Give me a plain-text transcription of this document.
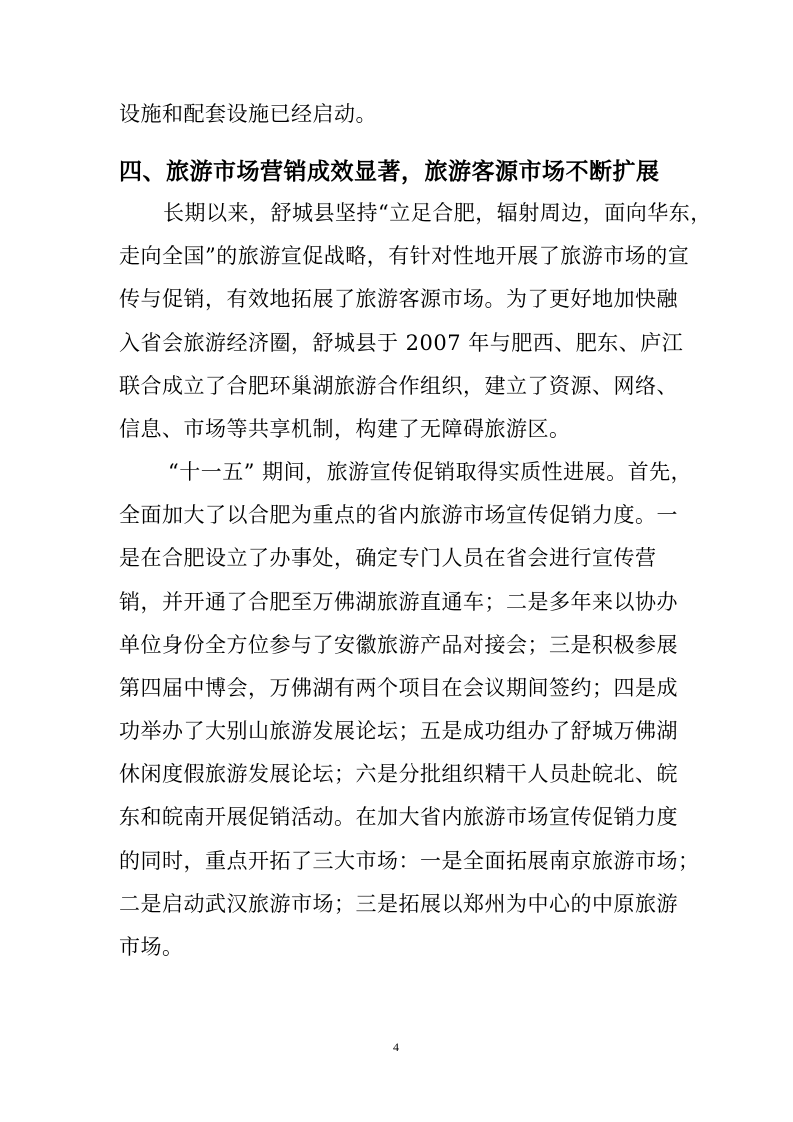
设施和配套设施已经启动。
四、旅游市场营销成效显著，旅游客源市场不断扩展
长期以来，舒城县坚持“立足合肥，辐射周边，面向华东，
走向全国”的旅游宣促战略，有针对性地开展了旅游市场的宣
传与促销，有效地拓展了旅游客源市场。为了更好地加快融
入省会旅游经济圈，舒城县于 2007 年与肥西、肥东、庐江
联合成立了合肥环巢湖旅游合作组织，建立了资源、网络、
信息、市场等共享机制，构建了无障碍旅游区。
“十一五” 期间，旅游宣传促销取得实质性进展。首先，
全面加大了以合肥为重点的省内旅游市场宣传促销力度。一
是在合肥设立了办事处，确定专门人员在省会进行宣传营
销，并开通了合肥至万佛湖旅游直通车；二是多年来以协办
单位身份全方位参与了安徽旅游产品对接会；三是积极参展
第四届中博会，万佛湖有两个项目在会议期间签约；四是成
功举办了大别山旅游发展论坛；五是成功组办了舒城万佛湖
休闲度假旅游发展论坛；六是分批组织精干人员赴皖北、皖
东和皖南开展促销活动。在加大省内旅游市场宣传促销力度
的同时，重点开拓了三大市场：一是全面拓展南京旅游市场；
二是启动武汉旅游市场；三是拓展以郑州为中心的中原旅游
市场。
4
